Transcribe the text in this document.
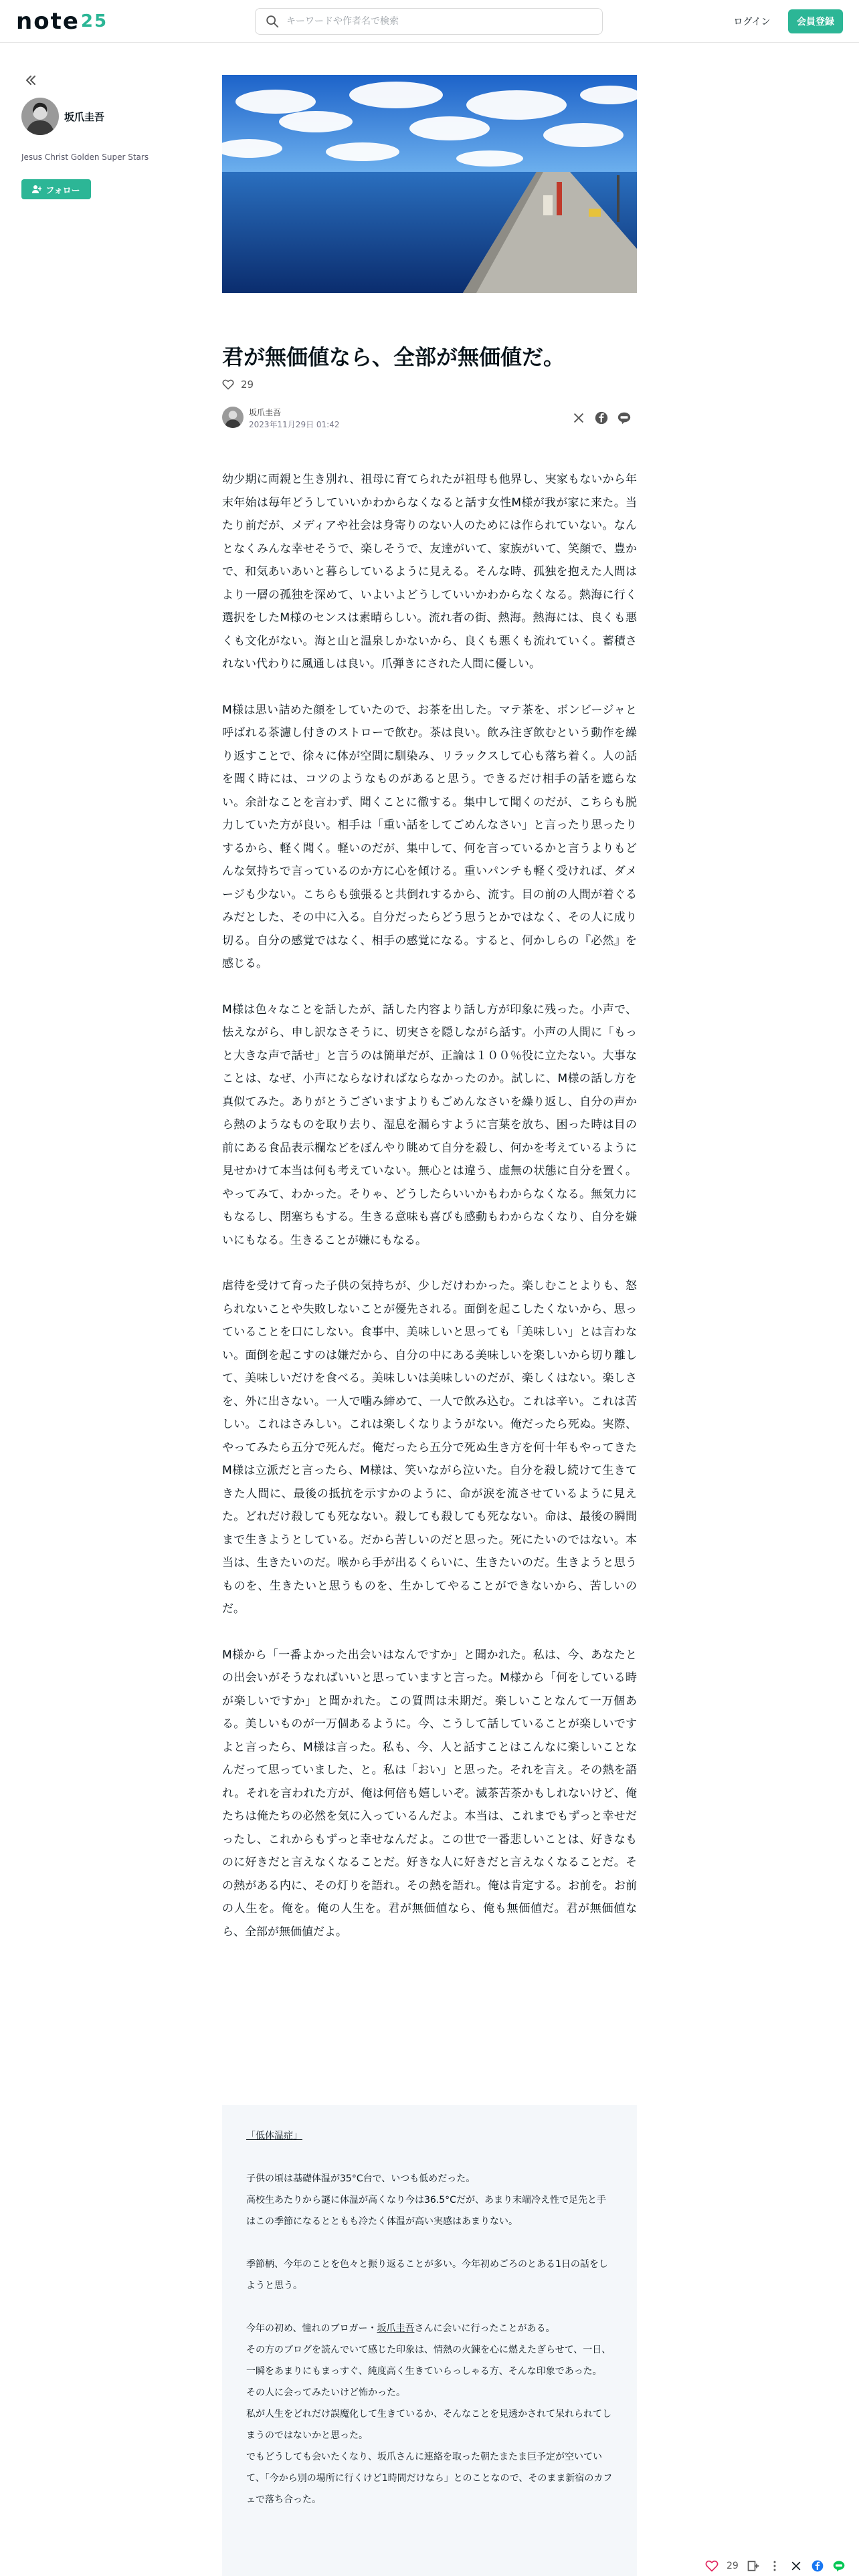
note 25
キーワードや作者名で検索	ログイン	会員登録
坂爪圭吾
Jesus Christ Golden Super Stars
フォロー
君が無価値なら、全部が無価値だ。
29
坂爪圭吾
2023年11月29日 01:42

幼少期に両親と生き別れ、祖母に育てられたが祖母も他界し、実家もないから年末年始は毎年どうしていいかわからなくなると話す女性M様が我が家に来た。当たり前だが、メディアや社会は身寄りのない人のためには作られていない。なんとなくみんな幸せそうで、楽しそうで、友達がいて、家族がいて、笑顔で、豊かで、和気あいあいと暮らしているように見える。そんな時、孤独を抱えた人間はより一層の孤独を深めて、いよいよどうしていいかわからなくなる。熱海に行く選択をしたM様のセンスは素晴らしい。流れ者の街、熱海。熱海には、良くも悪くも文化がない。海と山と温泉しかないから、良くも悪くも流れていく。蓄積されない代わりに風通しは良い。爪弾きにされた人間に優しい。

M様は思い詰めた顔をしていたので、お茶を出した。マテ茶を、ボンビージャと呼ばれる茶濾し付きのストローで飲む。茶は良い。飲み注ぎ飲むという動作を繰り返すことで、徐々に体が空間に馴染み、リラックスして心も落ち着く。人の話を聞く時には、コツのようなものがあると思う。できるだけ相手の話を遮らない。余計なことを言わず、聞くことに徹する。集中して聞くのだが、こちらも脱力していた方が良い。相手は「重い話をしてごめんなさい」と言ったり思ったりするから、軽く聞く。軽いのだが、集中して、何を言っているかと言うよりもどんな気持ちで言っているのか方に心を傾ける。重いパンチも軽く受ければ、ダメージも少ない。こちらも強張ると共倒れするから、流す。目の前の人間が着ぐるみだとした、その中に入る。自分だったらどう思うとかではなく、その人に成り切る。自分の感覚ではなく、相手の感覚になる。すると、何かしらの『必然』を感じる。

M様は色々なことを話したが、話した内容より話し方が印象に残った。小声で、怯えながら、申し訳なさそうに、切実さを隠しながら話す。小声の人間に「もっと大きな声で話せ」と言うのは簡単だが、正論は１００％役に立たない。大事なことは、なぜ、小声にならなければならなかったのか。試しに、M様の話し方を真似てみた。ありがとうございますよりもごめんなさいを繰り返し、自分の声から熱のようなものを取り去り、湿息を漏らすように言葉を放ち、困った時は目の前にある食品表示欄などをぼんやり眺めて自分を殺し、何かを考えているように見せかけて本当は何も考えていない。無心とは違う、虚無の状態に自分を置く。やってみて、わかった。そりゃ、どうしたらいいかもわからなくなる。無気力にもなるし、閉塞ちもする。生きる意味も喜びも感動もわからなくなり、自分を嫌いにもなる。生きることが嫌にもなる。

虐待を受けて育った子供の気持ちが、少しだけわかった。楽しむことよりも、怒られないことや失敗しないことが優先される。面倒を起こしたくないから、思っていることを口にしない。食事中、美味しいと思っても「美味しい」とは言わない。面倒を起こすのは嫌だから、自分の中にある美味しいを楽しいから切り離して、美味しいだけを食べる。美味しいは美味しいのだが、楽しくはない。楽しさを、外に出さない。一人で噛み締めて、一人で飲み込む。これは辛い。これは苦しい。これはさみしい。これは楽しくなりようがない。俺だったら死ぬ。実際、やってみたら五分で死んだ。俺だったら五分で死ぬ生き方を何十年もやってきたM様は立派だと言ったら、M様は、笑いながら泣いた。自分を殺し続けて生きてきた人間に、最後の抵抗を示すかのように、命が涙を流させているように見えた。どれだけ殺しても死なない。殺しても殺しても死なない。命は、最後の瞬間まで生きようとしている。だから苦しいのだと思った。死にたいのではない。本当は、生きたいのだ。喉から手が出るくらいに、生きたいのだ。生きようと思うものを、生きたいと思うものを、生かしてやることができないから、苦しいのだ。

M様から「一番よかった出会いはなんですか」と聞かれた。私は、今、あなたとの出会いがそうなればいいと思っていますと言った。M様から「何をしている時が楽しいですか」と聞かれた。この質問は未期だ。楽しいことなんて一万個ある。美しいものが一万個あるように。今、こうして話していることが楽しいですよと言ったら、M様は言った。私も、今、人と話すことはこんなに楽しいことなんだって思っていました、と。私は「おい」と思った。それを言え。その熱を語れ。それを言われた方が、俺は何倍も嬉しいぞ。滅茶苦茶かもしれないけど、俺たちは俺たちの必然を気に入っているんだよ。本当は、これまでもずっと幸せだったし、これからもずっと幸せなんだよ。この世で一番悲しいことは、好きなものに好きだと言えなくなることだ。好きな人に好きだと言えなくなることだ。その熱がある内に、その灯りを語れ。その熱を語れ。俺は肯定する。お前を。お前の人生を。俺を。俺の人生を。君が無価値なら、俺も無価値だ。君が無価値なら、全部が無価値だよ。

「低体温症」

子供の頃は基礎体温が35°C台で、いつも低めだった。
高校生あたりから謎に体温が高くなり今は36.5°Cだが、あまり末端冷え性で足先と手はこの季節になるとともも冷たく体温が高い実感はあまりない。

季節柄、今年のことを色々と振り返ることが多い。今年初めごろのとある1日の話をしようと思う。

今年の初め、憧れのブロガー・坂爪圭吾さんに会いに行ったことがある。
その方のブログを読んでいて感じた印象は、情熱の火錬を心に燃えたぎらせて、一日、一瞬をあまりにもまっすぐ、純度高く生きていらっしゃる方、そんな印象であった。
その人に会ってみたいけど怖かった。
私が人生をどれだけ誤魔化して生きているか、そんなことを見透かされて呆れられてしまうのではないかと思った。
でもどうしても会いたくなり、坂爪さんに連絡を取った朝たまたま巨予定が空いていて、「今から別の場所に行くけど1時間だけなら」とのことなので、そのまま新宿のカフェで落ち合った。
29
